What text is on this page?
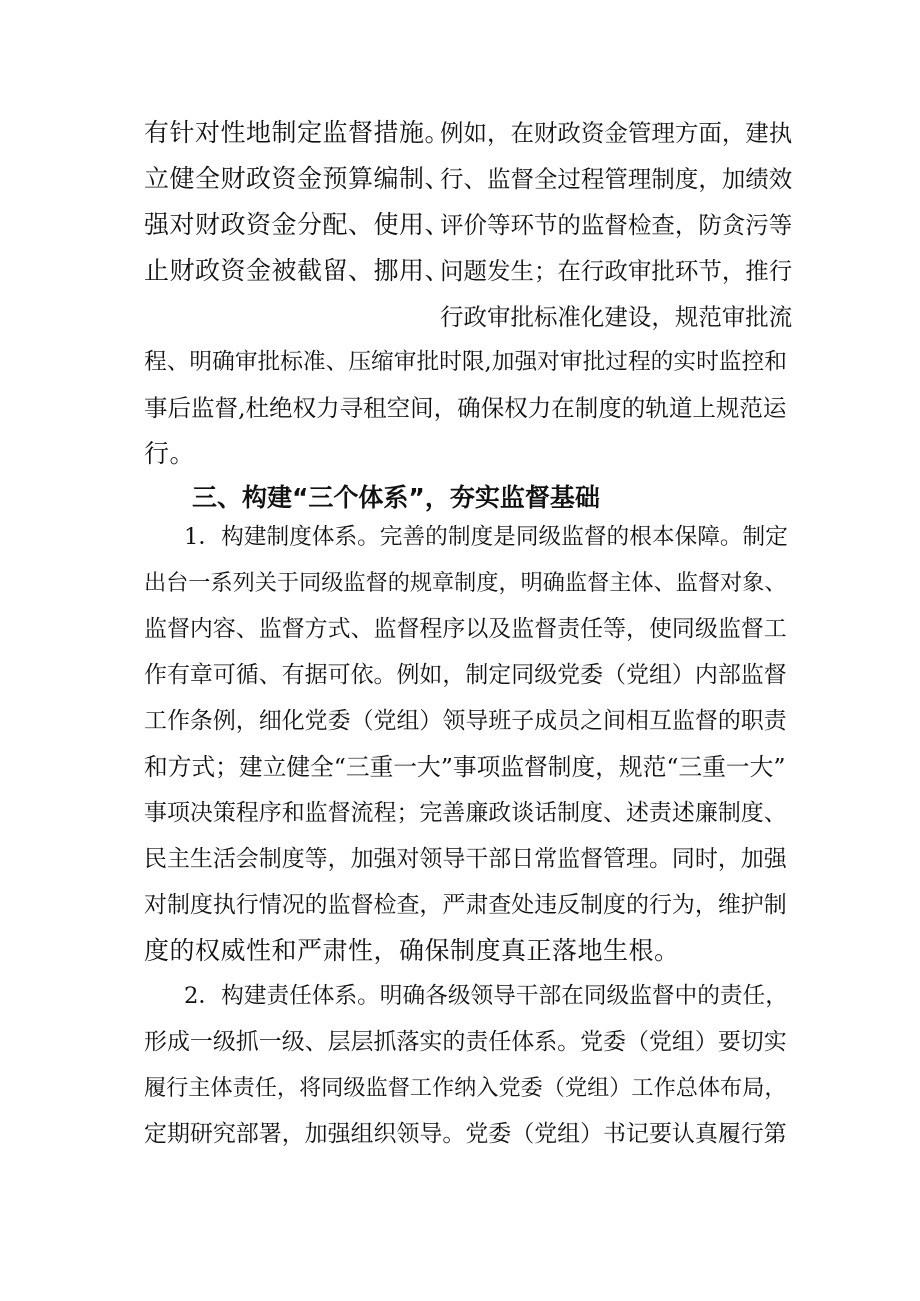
有针对性地制定监督措施。
立健全财政资金预算编制、
强对财政资金分配、使用、
止财政资金被截留、挪用、
例如，在财政资金管理方面，建执
行、监督全过程管理制度，加绩效
评价等环节的监督检查，防贪污等
问题发生；在行政审批环节，推行
行政审批标准化建设，规范审批流
程、明确审批标准、压缩审批时限,加强对审批过程的实时监控和
事后监督,杜绝权力寻租空间，确保权力在制度的轨道上规范运
行。
三、构建“三个体系”，夯实监督基础
1．构建制度体系。完善的制度是同级监督的根本保障。制定
出台一系列关于同级监督的规章制度，明确监督主体、监督对象、
监督内容、监督方式、监督程序以及监督责任等，使同级监督工
作有章可循、有据可依。例如，制定同级党委（党组）内部监督
工作条例，细化党委（党组）领导班子成员之间相互监督的职责
和方式；建立健全“三重一大”事项监督制度，规范“三重一大”
事项决策程序和监督流程；完善廉政谈话制度、述责述廉制度、
民主生活会制度等，加强对领导干部日常监督管理。同时，加强
对制度执行情况的监督检查，严肃查处违反制度的行为，维护制
度的权威性和严肃性，确保制度真正落地生根。
2．构建责任体系。明确各级领导干部在同级监督中的责任，
形成一级抓一级、层层抓落实的责任体系。党委（党组）要切实
履行主体责任，将同级监督工作纳入党委（党组）工作总体布局，
定期研究部署，加强组织领导。党委（党组）书记要认真履行第
